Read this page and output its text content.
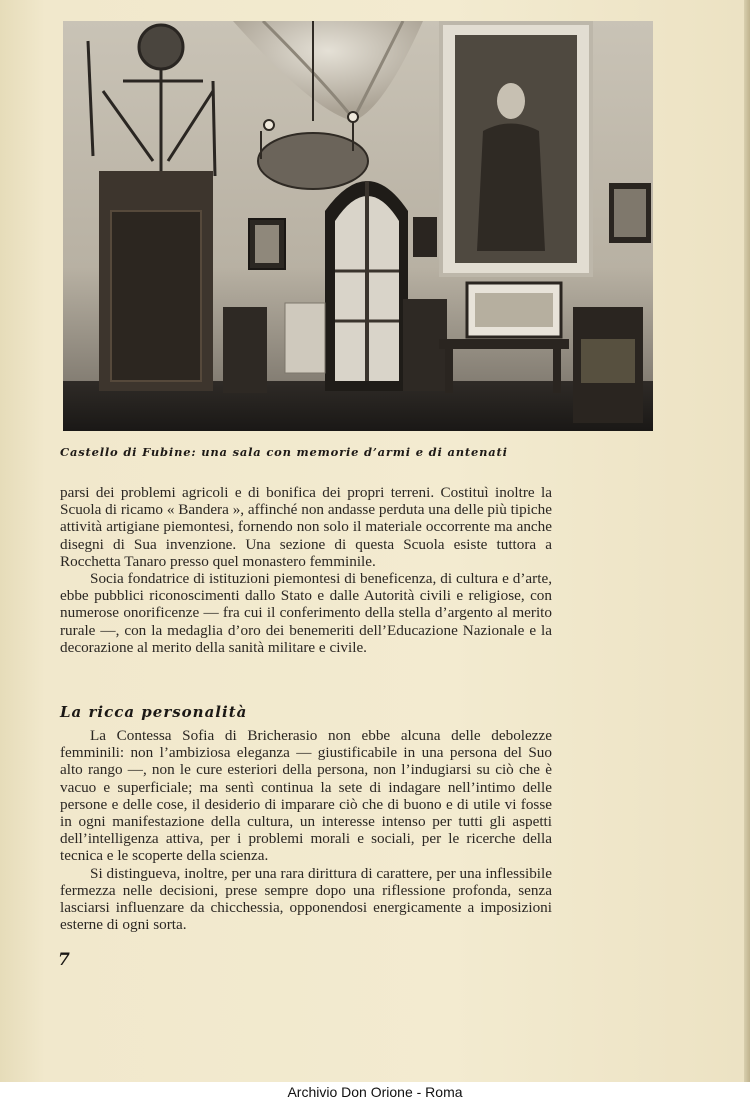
Castello di Fubine: una sala con memorie d’armi e di antenati

parsi dei problemi agricoli e di bonifica dei propri terreni. Costituì inoltre la Scuola di ricamo « Bandera », affinché non andasse perduta una delle più tipiche attività artigiane piemontesi, fornendo non solo il materiale occorrente ma anche disegni di Sua invenzione. Una sezione di questa Scuola esiste tuttora a Rocchetta Tanaro presso quel monastero femminile.

Socia fondatrice di istituzioni piemontesi di beneficenza, di cultura e d’arte, ebbe pubblici riconoscimenti dallo Stato e dalle Autorità civili e religiose, con numerose onorificenze — fra cui il conferimento della stella d’argento al merito rurale —, con la medaglia d’oro dei benemeriti dell’Educazione Nazionale e la decorazione al merito della sanità militare e civile.

La ricca personalità

La Contessa Sofia di Bricherasio non ebbe alcuna delle debolezze femminili: non l’ambiziosa eleganza — giustificabile in una persona del Suo alto rango —, non le cure esteriori della persona, non l’indugiarsi su ciò che è vacuo e superficiale; ma sentì continua la sete di indagare nell’intimo delle persone e delle cose, il desiderio di imparare ciò che di buono e di utile vi fosse in ogni manifestazione della cultura, un interesse intenso per tutti gli aspetti dell’intelligenza attiva, per i problemi morali e sociali, per le ricerche della tecnica e le scoperte della scienza.

Si distingueva, inoltre, per una rara dirittura di carattere, per una inflessibile fermezza nelle decisioni, prese sempre dopo una riflessione profonda, senza lasciarsi influenzare da chicchessia, opponendosi energicamente a imposizioni esterne di ogni sorta.

7
Archivio Don Orione - Roma
